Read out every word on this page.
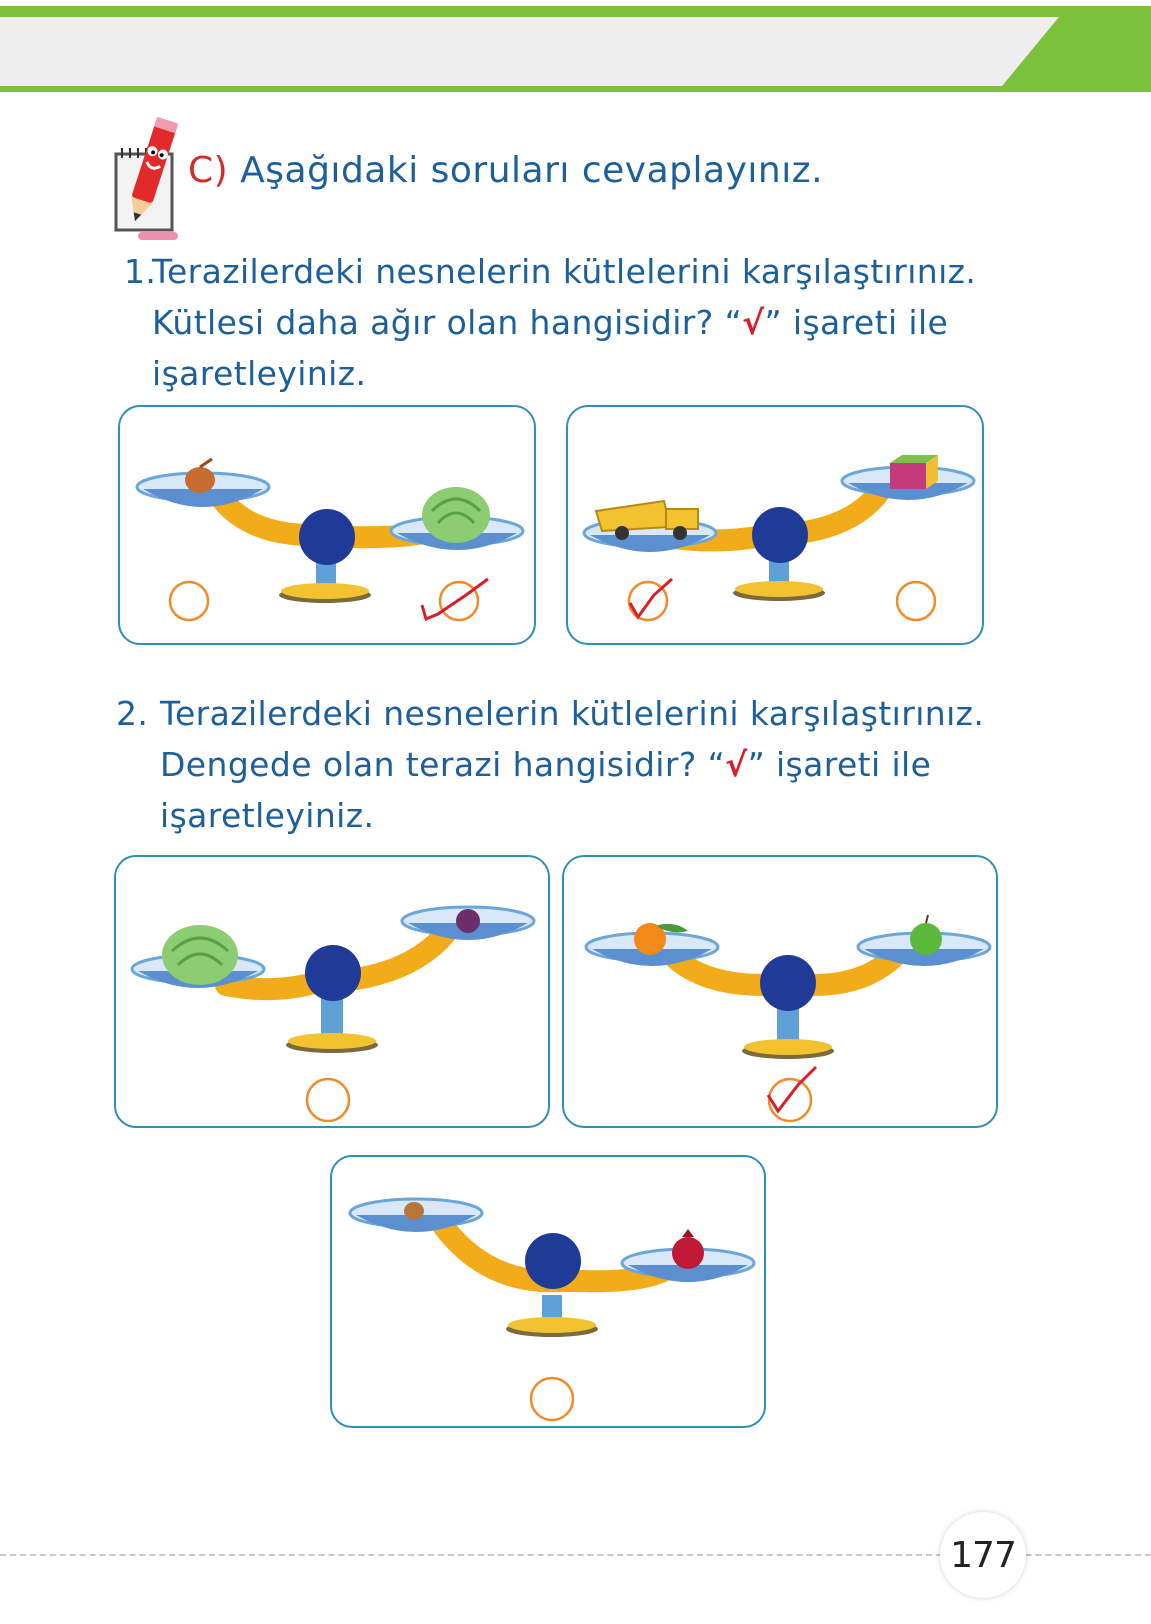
C) Aşağıdaki soruları cevaplayınız.
1.
Terazilerdeki nesnelerin kütlelerini karşılaştırınız.
Kütlesi daha ağır olan hangisidir? “√” işareti ile
işaretleyiniz.
2. Terazilerdeki nesnelerin kütlelerini karşılaştırınız.
Dengede olan terazi hangisidir? “√” işareti ile
işaretleyiniz.
177
